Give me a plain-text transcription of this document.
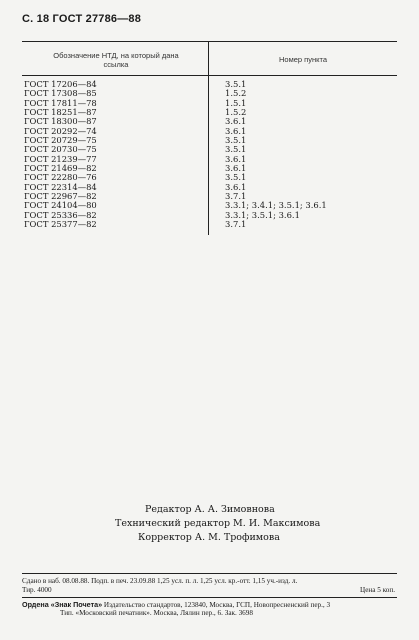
С. 18 ГОСТ 27786—88
Обозначение НТД, на который дана ссылка
Номер пункта
ГОСТ 17206—84	3.5.1
ГОСТ 17308—85	1.5.2
ГОСТ 17811—78	1.5.1
ГОСТ 18251—87	1.5.2
ГОСТ 18300—87	3.6.1
ГОСТ 20292—74	3.6.1
ГОСТ 20729—75	3.5.1
ГОСТ 20730—75	3.5.1
ГОСТ 21239—77	3.6.1
ГОСТ 21469—82	3.6.1
ГОСТ 22280—76	3.5.1
ГОСТ 22314—84	3.6.1
ГОСТ 22967—82	3.7.1
ГОСТ 24104—80	3.3.1; 3.4.1; 3.5.1; 3.6.1
ГОСТ 25336—82	3.3.1; 3.5.1; 3.6.1
ГОСТ 25377—82	3.7.1
Редактор А. А. Зимовнова
Технический редактор М. И. Максимова
Корректор А. М. Трофимова
Сдано в наб. 08.08.88. Подп. в печ. 23.09.88 1,25 усл. п. л. 1,25 усл. кр.-отт. 1,15 уч.-изд. л.
Тир. 4000	Цена 5 коп.
Ордена «Знак Почета» Издательство стандартов, 123840, Москва, ГСП, Новопресненский пер., 3
Тип. «Московский печатник». Москва, Лялин пер., 6. Зак. 3698
